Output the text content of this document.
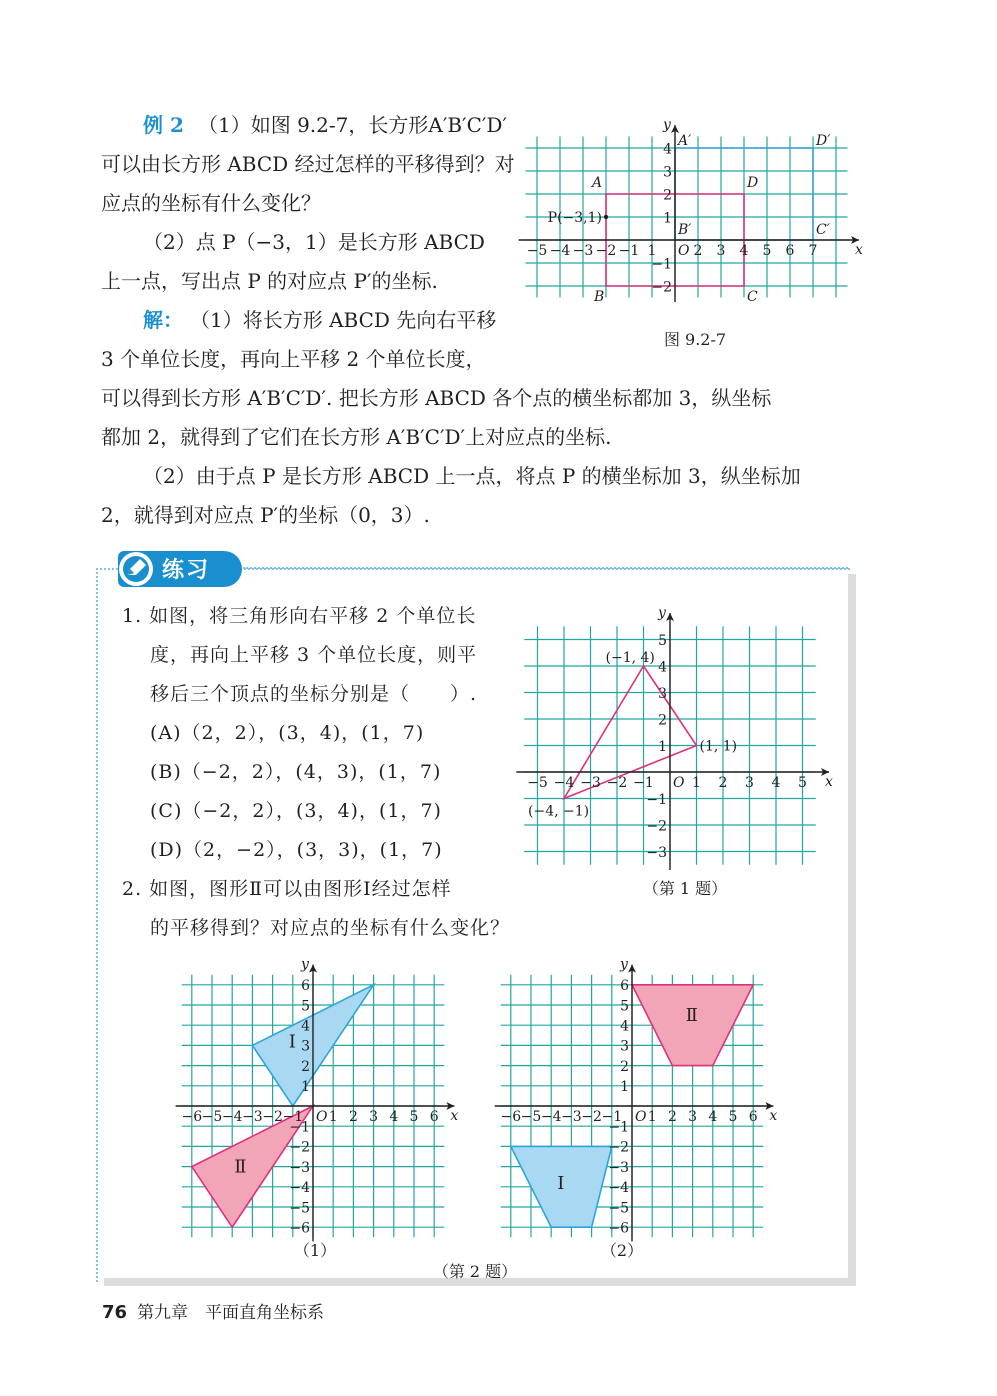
例 2 （1）如图 9.2-7，长方形A′B′C′D′
可以由长方形 ABCD 经过怎样的平移得到？对
应点的坐标有什么变化？
（2）点 P（−3，1）是长方形 ABCD
上一点，写出点 P 的对应点 P′的坐标.
解： （1）将长方形 ABCD 先向右平移
3 个单位长度，再向上平移 2 个单位长度，
可以得到长方形 A′B′C′D′. 把长方形 ABCD 各个点的横坐标都加 3，纵坐标
都加 2，就得到了它们在长方形 A′B′C′D′上对应点的坐标.
（2）由于点 P 是长方形 ABCD 上一点，将点 P 的横坐标加 3，纵坐标加
2，就得到对应点 P′的坐标（0，3）.
x
y
O
−5 −4 −3 −2 −1 1	2 3 4 5 6 7
4
3
2
1
−1
−2
A
B	C
D
A′
B′	C′
D′
P(−3,1)
图 9.2-7
练习
1. 如图，将三角形向右平移 2 个单位长
度，再向上平移 3 个单位长度，则平
移后三个顶点的坐标分别是（　　）.
(A)（2，2），(3，4)，(1，7)
(B)（−2，2），(4，3)，(1，7)
(C)（−2，2），(3，4)，(1，7)
(D)（2，−2），(3，3)，(1，7)
x
y
O
−5 −4 −3 −2 −1	1 2 3 4 5
5
4
3
2
1
−1
−2
−3
(−1, 4)
(1, 1)
(−4, −1)
（第 1 题）
2. 如图，图形Ⅱ可以由图形Ⅰ经过怎样
的平移得到？对应点的坐标有什么变化？
x
y
O
−6 −5 −4 −3 −2 −1 1 2 3 4 5 6
6
5
4
3
2
1
−1
−2
−3
−4
−5
−6
Ⅰ
Ⅱ
x
y
O
−6 −5 −4 −3 −2 −1 1 2 3 4 5 6
6
5
4
3
2
1
−1
−2
−3
−4
−5
−6
Ⅰ
Ⅱ
（1）	（2）
（第 2 题）
76 第九章　平面直角坐标系
